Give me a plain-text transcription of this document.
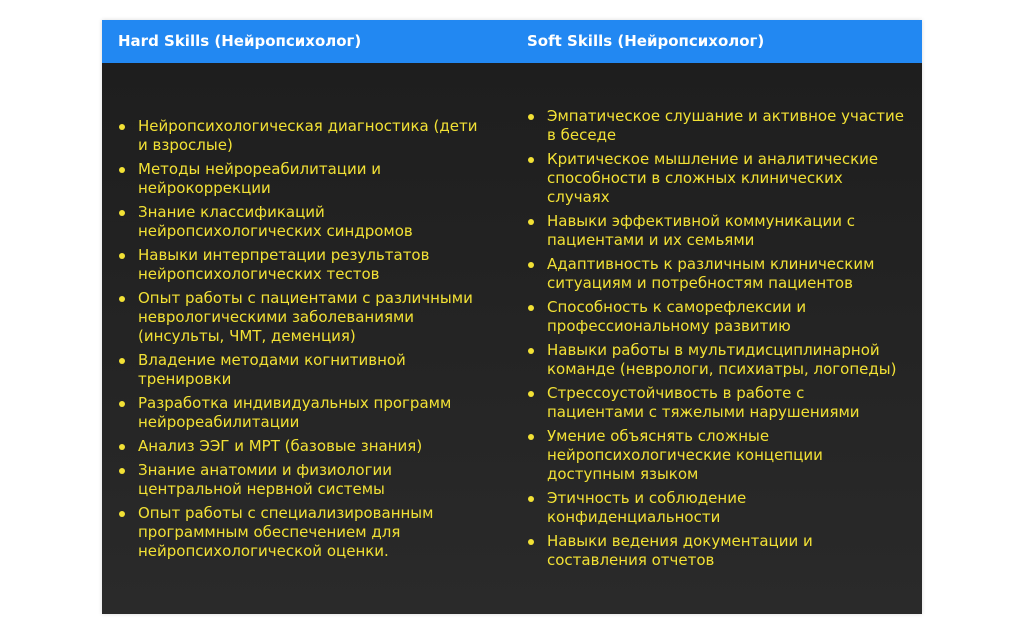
Hard Skills (Нейропсихолог)	Soft Skills (Нейропсихолог)
Нейропсихологическая диагностика (дети и взрослые)
Методы нейрореабилитации и нейрокоррекции
Знание классификаций нейропсихологических синдромов
Навыки интерпретации результатов нейропсихологических тестов
Опыт работы с пациентами с различными неврологическими заболеваниями (инсульты, ЧМТ, деменция)
Владение методами когнитивной тренировки
Разработка индивидуальных программ нейрореабилитации
Анализ ЭЭГ и МРТ (базовые знания)
Знание анатомии и физиологии центральной нервной системы
Опыт работы с специализированным программным обеспечением для нейропсихологической оценки.
Эмпатическое слушание и активное участие в беседе
Критическое мышление и аналитические способности в сложных клинических случаях
Навыки эффективной коммуникации с пациентами и их семьями
Адаптивность к различным клиническим ситуациям и потребностям пациентов
Способность к саморефлексии и профессиональному развитию
Навыки работы в мультидисциплинарной команде (неврологи, психиатры, логопеды)
Стрессоустойчивость в работе с пациентами с тяжелыми нарушениями
Умение объяснять сложные нейропсихологические концепции доступным языком
Этичность и соблюдение конфиденциальности
Навыки ведения документации и составления отчетов
